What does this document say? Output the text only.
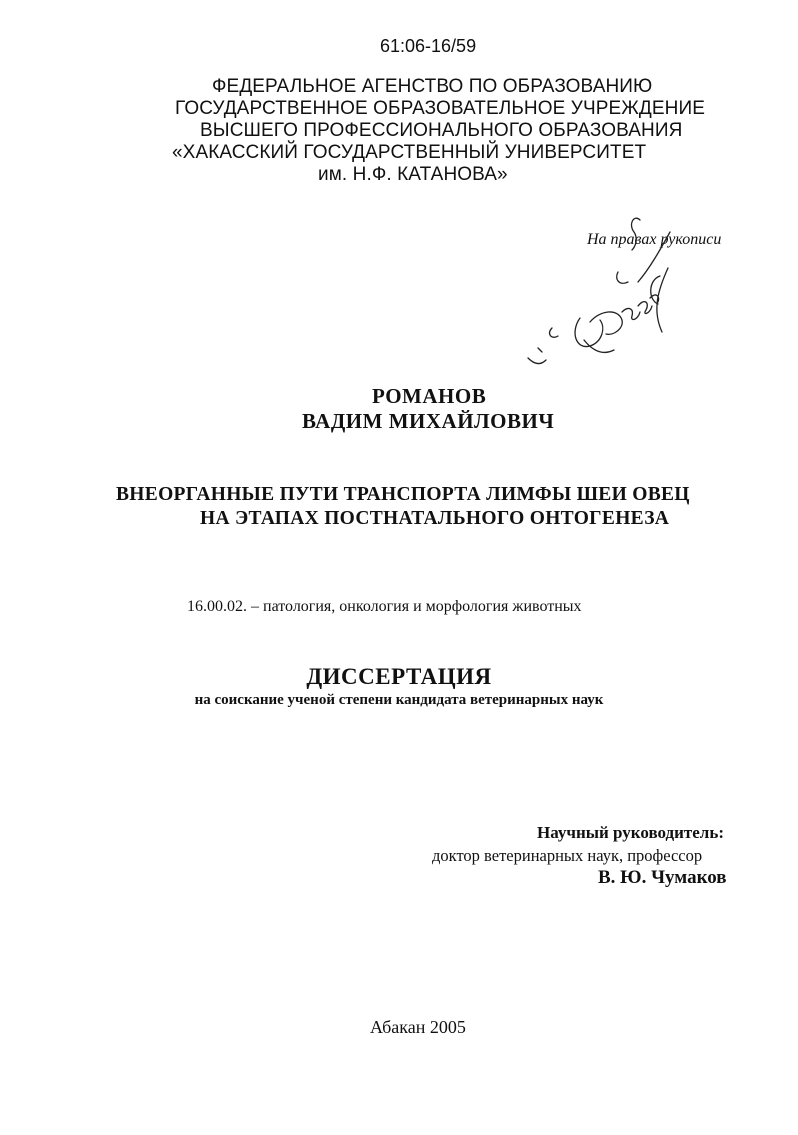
61:06-16/59
ФЕДЕРАЛЬНОЕ АГЕНСТВО ПО ОБРАЗОВАНИЮ
ГОСУДАРСТВЕННОЕ ОБРАЗОВАТЕЛЬНОЕ УЧРЕЖДЕНИЕ
ВЫСШЕГО ПРОФЕССИОНАЛЬНОГО ОБРАЗОВАНИЯ
«ХАКАССКИЙ ГОСУДАРСТВЕННЫЙ УНИВЕРСИТЕТ
им. Н.Ф. КАТАНОВА»
На правах рукописи
РОМАНОВ
ВАДИМ МИХАЙЛОВИЧ
ВНЕОРГАННЫЕ ПУТИ ТРАНСПОРТА ЛИМФЫ ШЕИ ОВЕЦ
НА ЭТАПАХ ПОСТНАТАЛЬНОГО ОНТОГЕНЕЗА
16.00.02. – патология, онкология и морфология животных
ДИССЕРТАЦИЯ
на соискание ученой степени кандидата ветеринарных наук
Научный руководитель:
доктор ветеринарных наук, профессор
В. Ю. Чумаков
Абакан 2005
